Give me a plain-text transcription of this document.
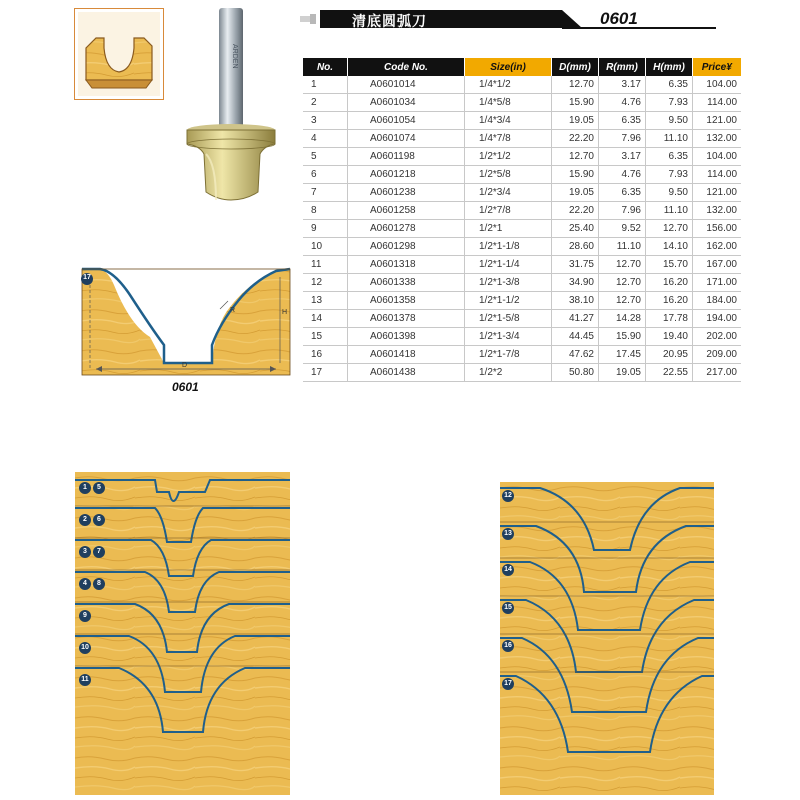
ARDEN
清底圆弧刀	0601
No.	Code No.	Size(in)	D(mm)	R(mm)	H(mm)	Price¥
1	A0601014	1/4*1/2	12.70	3.17	6.35	104.00
2	A0601034	1/4*5/8	15.90	4.76	7.93	114.00
3	A0601054	1/4*3/4	19.05	6.35	9.50	121.00
4	A0601074	1/4*7/8	22.20	7.96	11.10	132.00
5	A0601198	1/2*1/2	12.70	3.17	6.35	104.00
6	A0601218	1/2*5/8	15.90	4.76	7.93	114.00
7	A0601238	1/2*3/4	19.05	6.35	9.50	121.00
8	A0601258	1/2*7/8	22.20	7.96	11.10	132.00
9	A0601278	1/2*1	25.40	9.52	12.70	156.00
10	A0601298	1/2*1-1/8	28.60	11.10	14.10	162.00
11	A0601318	1/2*1-1/4	31.75	12.70	15.70	167.00
12	A0601338	1/2*1-3/8	34.90	12.70	16.20	171.00
13	A0601358	1/2*1-1/2	38.10	12.70	16.20	184.00
14	A0601378	1/2*1-5/8	41.27	14.28	17.78	194.00
15	A0601398	1/2*1-3/4	44.45	15.90	19.40	202.00
16	A0601418	1/2*1-7/8	47.62	17.45	20.95	209.00
17	A0601438	1/2*2	50.80	19.05	22.55	217.00
17
R	H
D
0601
1	5
2	6
3	7
4	8
9
10
11
12
13
14
15
16
17
